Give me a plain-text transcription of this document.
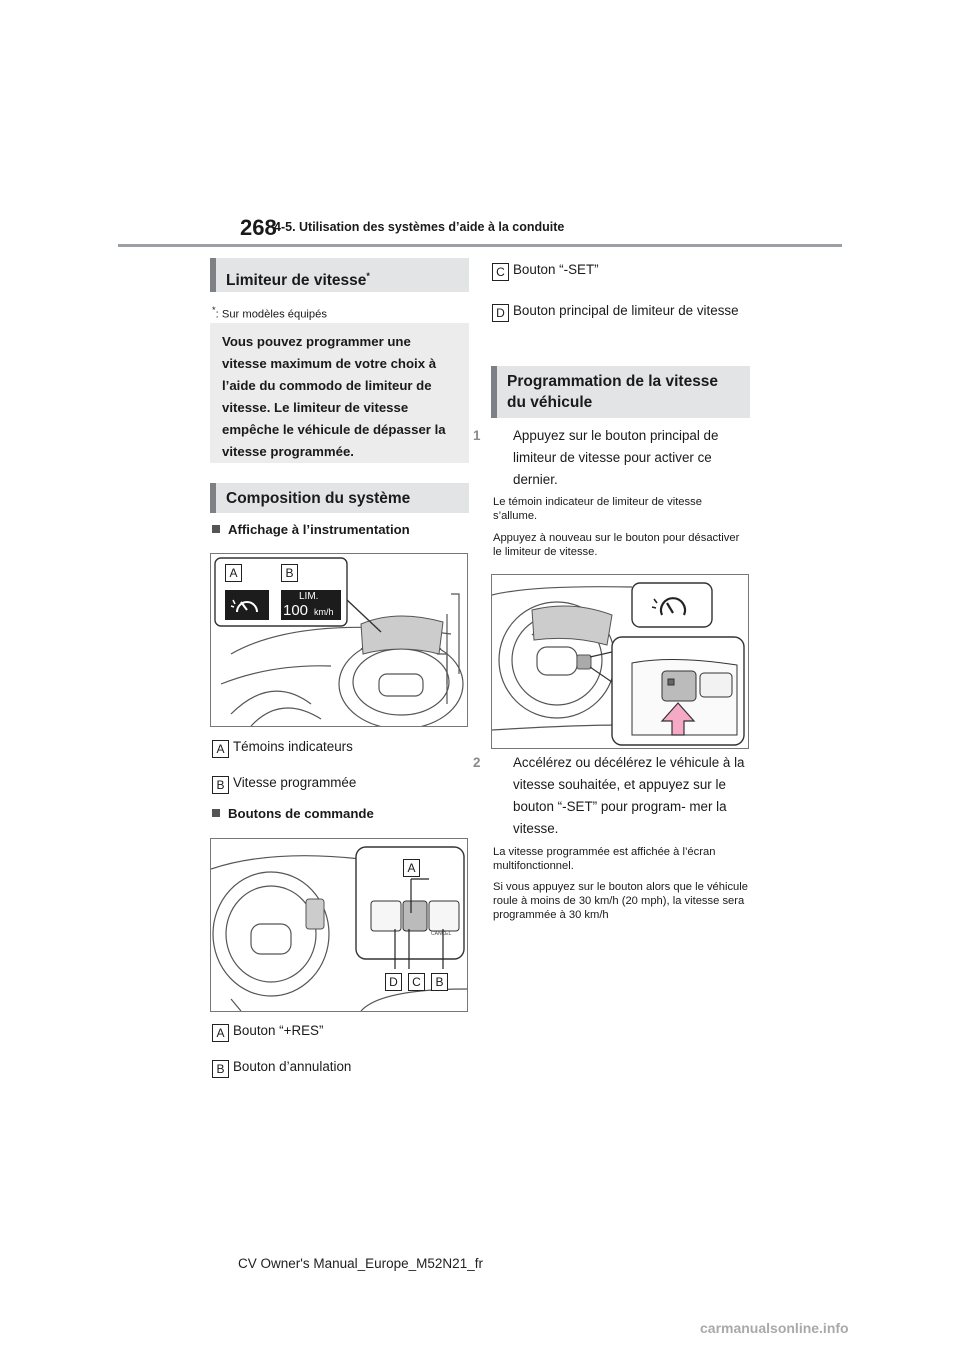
268
4-5. Utilisation des systèmes d’aide à la conduite
Limiteur de vitesse*
*: Sur modèles équipés
Vous pouvez programmer une vitesse maximum de votre choix à l’aide du commodo de limiteur de vitesse. Le limiteur de vitesse empêche le véhicule de dépasser la vitesse programmée.
Composition du système
Affichage à l’instrumentation
A	B
LIM.
100 km/h
A Témoins indicateurs
B Vitesse programmée
Boutons de commande
A
CANCEL
D	C	B
A Bouton “+RES”
B Bouton d’annulation
C Bouton “-SET”
D Bouton principal de limiteur de vitesse
Programmation de la vitesse du véhicule
1 Appuyez sur le bouton principal de limiteur de vitesse pour activer ce dernier.
Le témoin indicateur de limiteur de vitesse s’allume.
Appuyez à nouveau sur le bouton pour désactiver le limiteur de vitesse.
2 Accélérez ou décélérez le véhicule à la vitesse souhaitée, et appuyez sur le bouton “-SET” pour program- mer la vitesse.
La vitesse programmée est affichée à l’écran multifonctionnel.
Si vous appuyez sur le bouton alors que le véhicule roule à moins de 30 km/h (20 mph), la vitesse sera programmée à 30 km/h
CV Owner's Manual_Europe_M52N21_fr
carmanualsonline.info
